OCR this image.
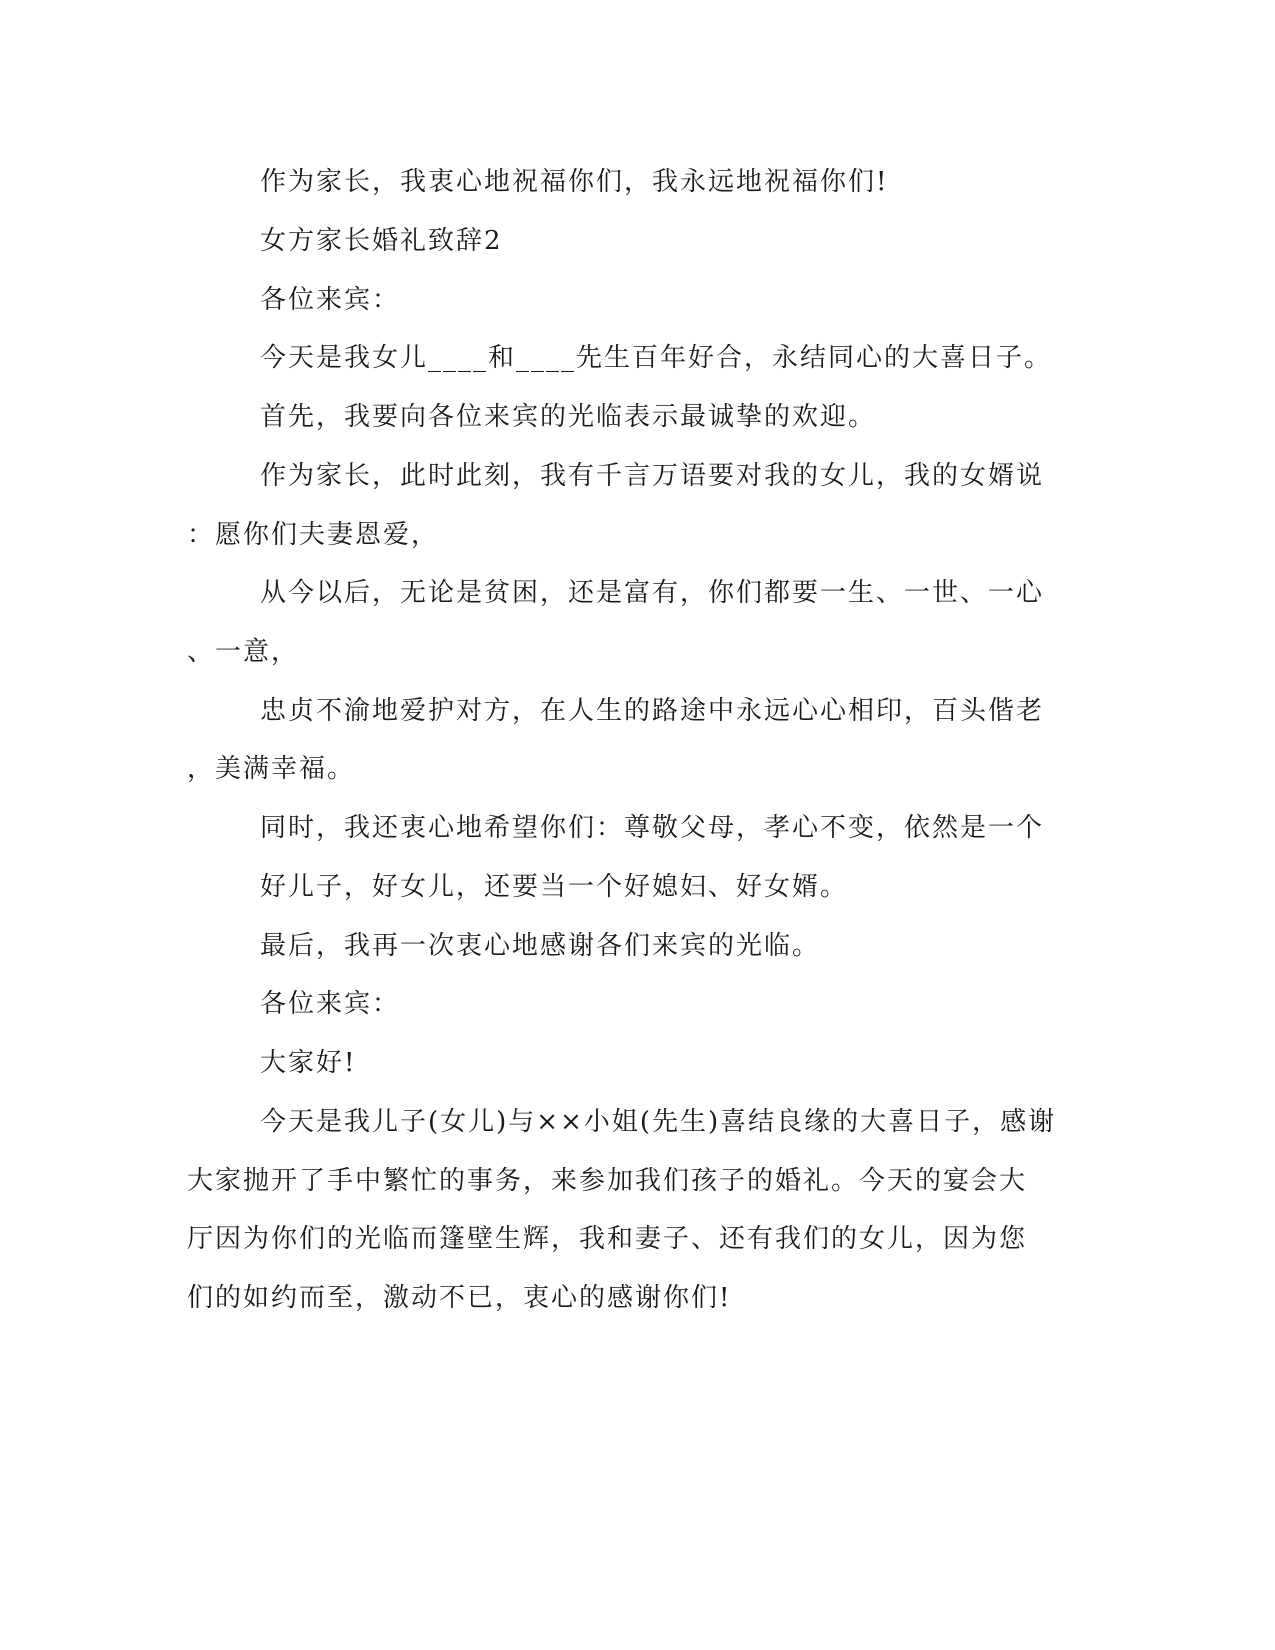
作为家长，我衷心地祝福你们，我永远地祝福你们!
女方家长婚礼致辞2
各位来宾：
今天是我女儿____和____先生百年好合，永结同心的大喜日子。
首先，我要向各位来宾的光临表示最诚挚的欢迎。
作为家长，此时此刻，我有千言万语要对我的女儿，我的女婿说
：愿你们夫妻恩爱，
从今以后，无论是贫困，还是富有，你们都要一生、一世、一心
、一意，
忠贞不渝地爱护对方，在人生的路途中永远心心相印，百头偕老
，美满幸福。
同时，我还衷心地希望你们：尊敬父母，孝心不变，依然是一个
好儿子，好女儿，还要当一个好媳妇、好女婿。
最后，我再一次衷心地感谢各们来宾的光临。
各位来宾：
大家好!
今天是我儿子(女儿)与××小姐(先生)喜结良缘的大喜日子，感谢
大家抛开了手中繁忙的事务，来参加我们孩子的婚礼。今天的宴会大
厅因为你们的光临而篷壁生辉，我和妻子、还有我们的女儿，因为您
们的如约而至，激动不已，衷心的感谢你们!
